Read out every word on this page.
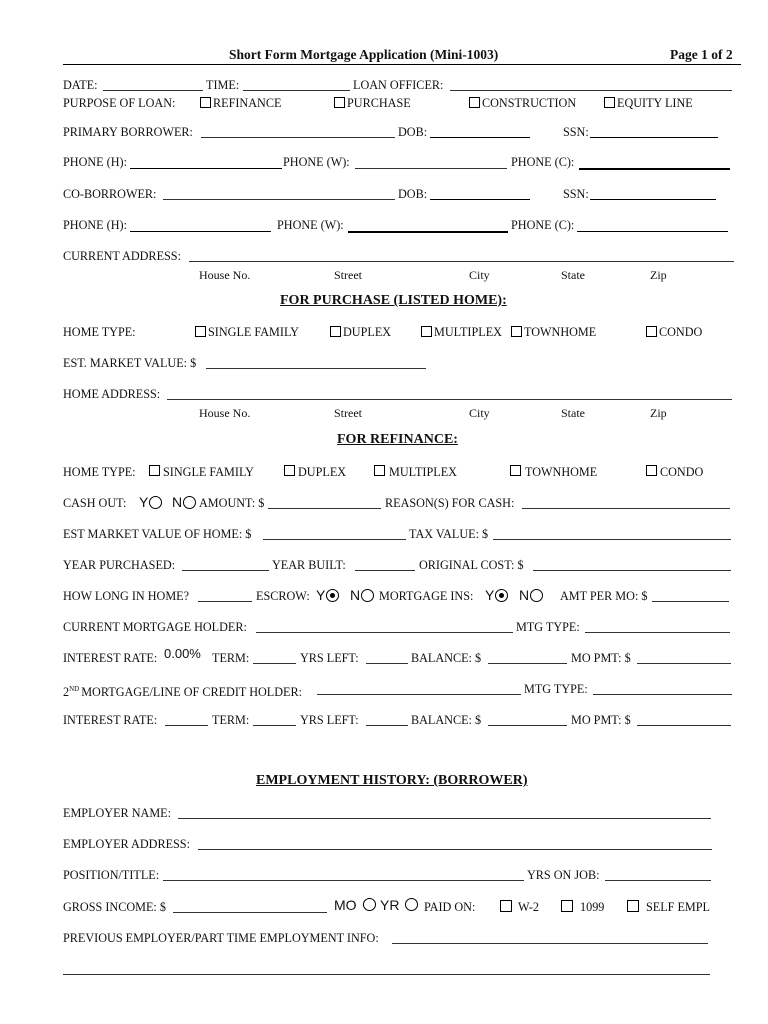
Short Form Mortgage Application (Mini-1003)	Page 1 of 2
DATE:	TIME:	LOAN OFFICER:
PURPOSE OF LOAN:	REFINANCE	PURCHASE	CONSTRUCTION	EQUITY LINE
PRIMARY BORROWER:	DOB:	SSN:
PHONE (H):	PHONE (W):	PHONE (C):
CO-BORROWER:	DOB:	SSN:
PHONE (H):	PHONE (W):	PHONE (C):
CURRENT ADDRESS:
House No.	Street	City	State	Zip
FOR PURCHASE (LISTED HOME):
HOME TYPE:	SINGLE FAMILY	DUPLEX	MULTIPLEX TOWNHOME	CONDO
EST. MARKET VALUE: $
HOME ADDRESS:
House No.	Street	City	State	Zip
FOR REFINANCE:
HOME TYPE: SINGLE FAMILY	DUPLEX	MULTIPLEX	TOWNHOME	CONDO
CASH OUT: Y N AMOUNT: $	REASON(S) FOR CASH:
EST MARKET VALUE OF HOME: $	TAX VALUE: $
YEAR PURCHASED:	YEAR BUILT:	ORIGINAL COST: $
HOW LONG IN HOME?	ESCROW: Y N MORTGAGE INS: Y N	AMT PER MO: $
CURRENT MORTGAGE HOLDER:	MTG TYPE:
INTEREST RATE: 0.00% TERM:	YRS LEFT:	BALANCE: $	MO PMT: $
2ND MORTGAGE/LINE OF CREDIT HOLDER:	MTG TYPE:
INTEREST RATE:	TERM:	YRS LEFT:	BALANCE: $	MO PMT: $
EMPLOYMENT HISTORY: (BORROWER)
EMPLOYER NAME:
EMPLOYER ADDRESS:
POSITION/TITLE:	YRS ON JOB:
GROSS INCOME: $	MO YR PAID ON:	W-2	1099	SELF EMPL
PREVIOUS EMPLOYER/PART TIME EMPLOYMENT INFO:
